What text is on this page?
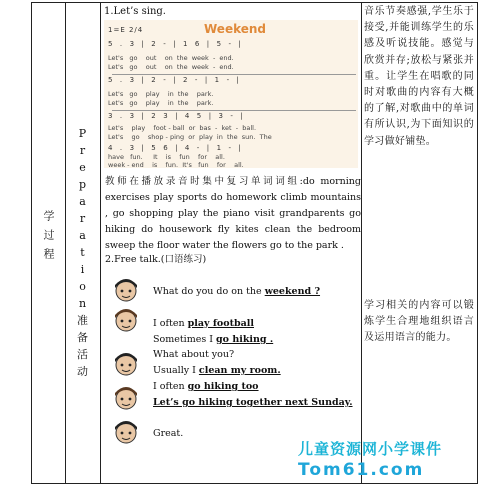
学过程
P
r
e
p
a
r
a
t
i
o
n
准
备
活
动
1.Let’s sing.
Weekend
1=E 2/4
5  .  3  |  2  -  |  1  6  |  5  -  |
Let's   go    out    on  the  week  -  end.
Let's   go    out    on  the  week  -  end.
5  .  3  |  2  -  |  2  -  |  1  -  |
Let's   go    play    in  the    park.
Let's   go    play    in  the    park.
3  .  3  |  2  3  |  4  5  |  3  -  |
Let's    play    foot - ball  or  bas  -  ket  -  ball.
Let's    go    shop - ping  or  play  in  the  sun.  The
4  .  3  |  5  6  |  4  -  |  1  -  |
have   fun.     It    is    fun    for    all.
week - end    is    fun.  It's   fun    for    all.
教师在播放录音时集中复习单词词组:do morning exercises play sports do homework climb mountains , go shopping play the piano visit grandparents go hiking do housework fly kites clean the bedroom sweep the floor water the flowers go to the park .
2.Free talk.(口语练习)
What do you do on the weekend ?
I often play football
Sometimes I go hiking .
What about you?
Usually I clean my room.
I often go hiking too
Let’s go hiking together next Sunday.
Great.
音乐节奏感强,学生乐于接受,并能训练学生的乐感及听说技能。感觉与欣赏并存;放松与紧张并重。让学生在唱歌的同时对歌曲的内容有大概的了解,对歌曲中的单词有所认识,为下面知识的学习做好铺垫。
学习相关的内容可以锻炼学生合理地组织语言及运用语言的能力。
儿童资源网小学课件
Tom61.com
